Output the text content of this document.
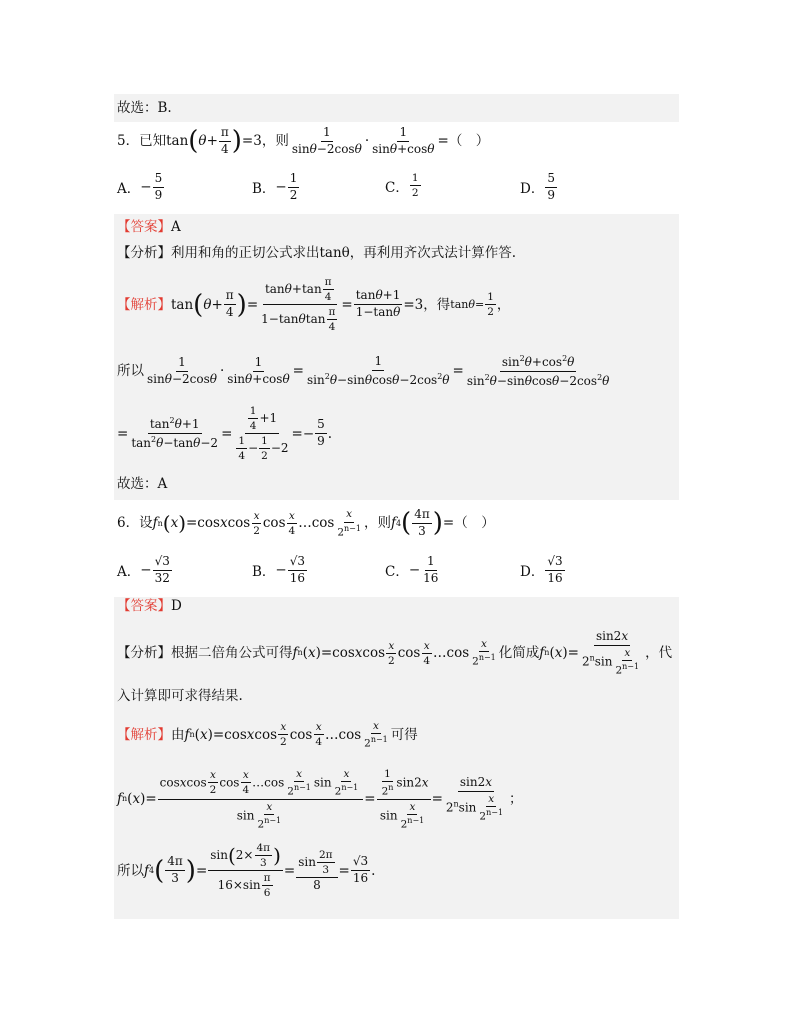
故选：B.
5．已知 tan ( $\theta + \frac{\pi}{4}$ ) =3 ，则 $\frac{1}{\sin\theta-2\cos\theta} \cdot \frac{1}{\sin\theta+\cos\theta}$ = （　）
A． − $\frac{5}{9}$	B． − $\frac{1}{2}$	C． $\frac{1}{2}$	D． $\frac{5}{9}$
【答案】A
【分析】利用和角的正切公式求出tanθ，再利用齐次式法计算作答.
【解析】 tan ( $\theta + \frac{\pi}{4}$ ) = $\frac{\tan\theta+\tan \frac{\pi}{4}}{1-\tan\theta\tan \frac{\pi}{4}} = \frac{\tan\theta+1}{1-\tan\theta} =3$ ，得 $\tan\theta= \frac{1}{2}$ ，
所以 $\frac{1}{\sin\theta-2\cos\theta} \cdot \frac{1}{\sin\theta+\cos\theta} = \frac{1}{\sin^2\theta-\sin\theta\cos\theta-2\cos^2\theta} = \frac{\sin^2\theta+\cos^2\theta}{\sin^2\theta-\sin\theta\cos\theta-2\cos^2\theta}$
= $\frac{\tan^2\theta+1}{\tan^2\theta-\tan\theta-2} = \frac{\frac{1}{4} +1}{\frac{1}{4} - \frac{1}{2} -2} =- \frac{5}{9}$ .
故选：A
6．设 f n ( x ) =cos x $\cos \frac{x}{2}$ $\cos \frac{x}{4}$ …cos $\frac{x}{2^{n-1}}$ ，则 f 4 ( $\frac{4\pi}{3}$ ) = （　）
A． − $\frac{√3}{32}$	B． − $\frac{√3}{16}$	C． − $\frac{1}{16}$	D． $\frac{√3}{16}$
【答案】D
【分析】 根据二倍角公式可得 f n ( x )=cos x $\cos \frac{x}{2}$ $\cos \frac{x}{4}$ …cos $\frac{x}{2^{n-1}}$ 化简成 f n ( x )= $\frac{\sin 2x}{2^n\sin \frac{x}{2^{n-1}}}$ ，代
入计算即可求得结果.
【解析】 由 f n ( x )=cos x $\cos \frac{x}{2}$ $\cos \frac{x}{4}$ …cos $\frac{x}{2^{n-1}}$ 可得
f n ( x )= $\frac{cosxcos \frac{x}{2} \cos \frac{x}{4} \dots\cos \frac{x}{2^{n-1}} \sin \frac{x}{2^{n-1}}}{\sin \frac{x}{2^{n-1}}} = \frac{\frac{1}{2^n} \sin 2x}{\sin \frac{x}{2^{n-1}}} = \frac{\sin 2x}{2^n\sin \frac{x}{2^{n-1}}}$ ；
所以 f 4 ( $\frac{4\pi}{3}$ ) = $\frac{\sin(2\times \frac{4\pi}{3} )}{16\times\sin \frac{\pi}{6}} = \frac{\sin \frac{2\pi}{3}}{8} = \frac{√3}{16}$ .
